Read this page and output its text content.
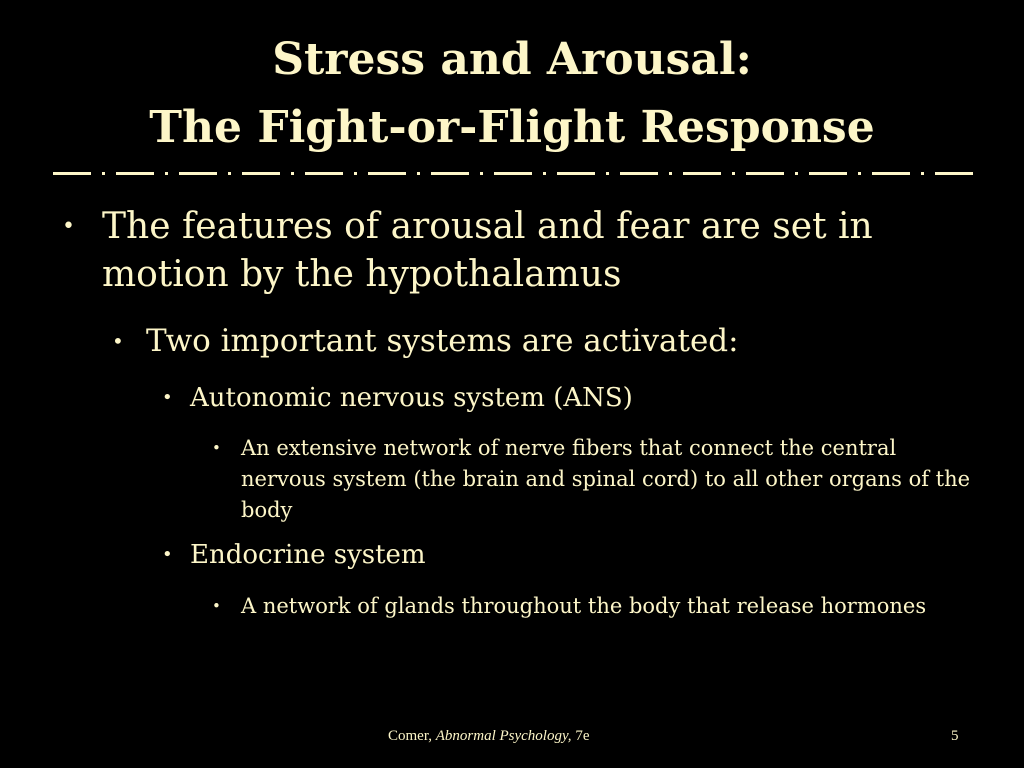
Stress and Arousal:
The Fight-or-Flight Response
• The features of arousal and fear are set in motion by the hypothalamus
• Two important systems are activated:
• Autonomic nervous system (ANS)
• An extensive network of nerve fibers that connect the central nervous system (the brain and spinal cord) to all other organs of the body
• Endocrine system
• A network of glands throughout the body that release hormones
Comer, Abnormal Psychology, 7e	5
